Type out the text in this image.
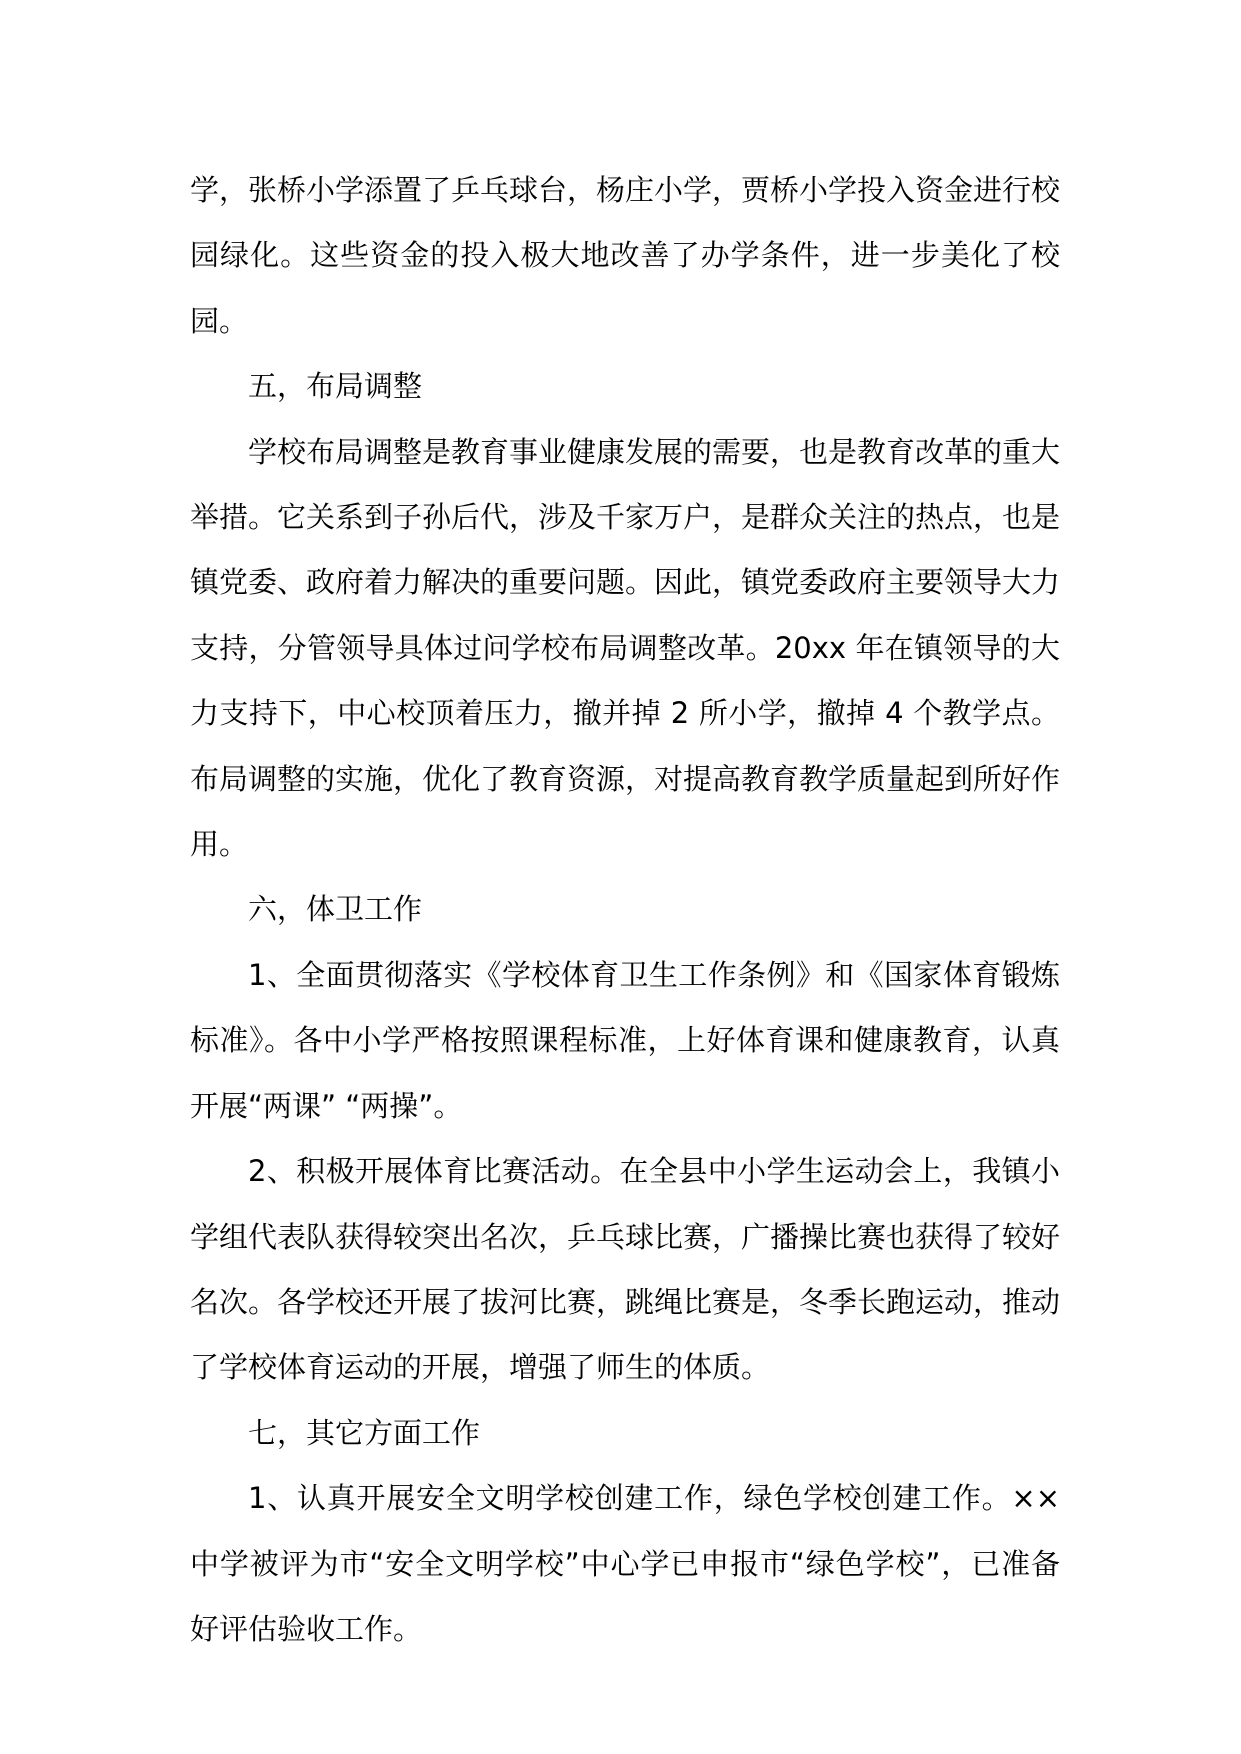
学，张桥小学添置了乒乓球台，杨庄小学，贾桥小学投入资金进行校园绿化。这些资金的投入极大地改善了办学条件，进一步美化了校园。

五，布局调整

学校布局调整是教育事业健康发展的需要，也是教育改革的重大举措。它关系到子孙后代，涉及千家万户，是群众关注的热点，也是镇党委、政府着力解决的重要问题。因此，镇党委政府主要领导大力支持，分管领导具体过问学校布局调整改革。20xx 年在镇领导的大力支持下，中心校顶着压力，撤并掉 2 所小学，撤掉 4 个教学点。布局调整的实施，优化了教育资源，对提高教育教学质量起到所好作用。

六，体卫工作

1、全面贯彻落实《学校体育卫生工作条例》和《国家体育锻炼标准》。各中小学严格按照课程标准，上好体育课和健康教育，认真开展“两课” “两操”。

2、积极开展体育比赛活动。在全县中小学生运动会上，我镇小学组代表队获得较突出名次，乒乓球比赛，广播操比赛也获得了较好名次。各学校还开展了拔河比赛，跳绳比赛是，冬季长跑运动，推动了学校体育运动的开展，增强了师生的体质。

七，其它方面工作

1、认真开展安全文明学校创建工作，绿色学校创建工作。××中学被评为市“安全文明学校”中心学已申报市“绿色学校”，已准备好评估验收工作。
